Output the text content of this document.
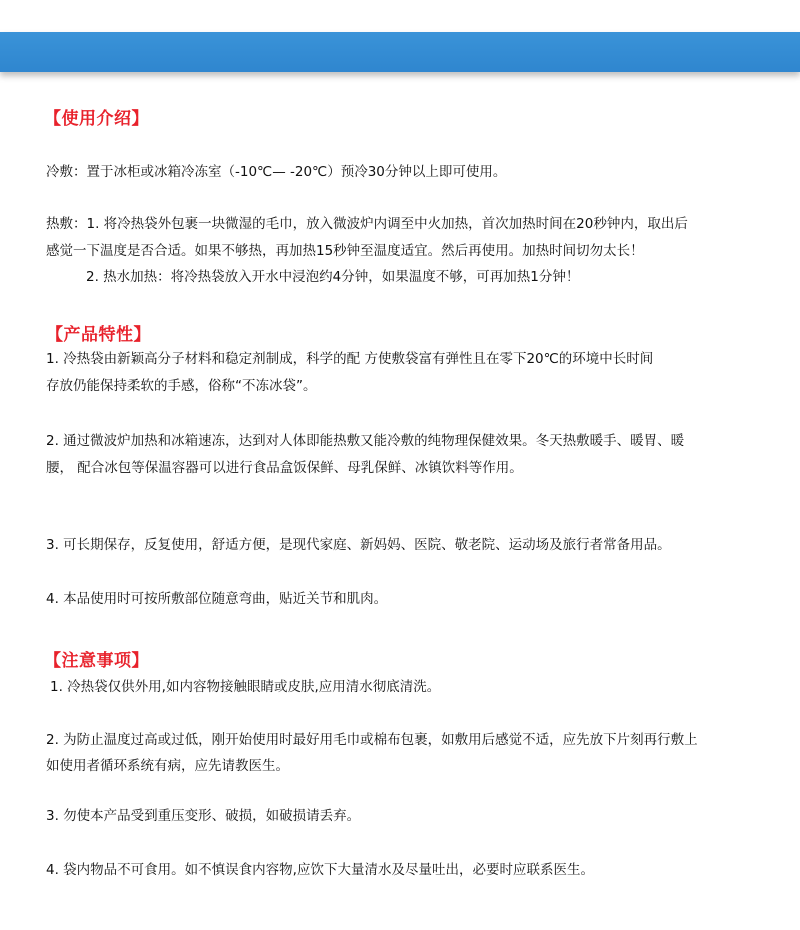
【使用介绍】
冷敷：置于冰柜或冰箱冷冻室（-10℃— -20℃）预冷30分钟以上即可使用。
热敷：1. 将冷热袋外包裹一块微湿的毛巾，放入微波炉内调至中火加热，首次加热时间在20秒钟内，取出后
感觉一下温度是否合适。如果不够热，再加热15秒钟至温度适宜。然后再使用。加热时间切勿太长！
2. 热水加热：将冷热袋放入开水中浸泡约4分钟，如果温度不够，可再加热1分钟！
【产品特性】
1. 冷热袋由新颖高分子材料和稳定剂制成，科学的配 方使敷袋富有弹性且在零下20℃的环境中长时间
存放仍能保持柔软的手感，俗称“不冻冰袋”。
2. 通过微波炉加热和冰箱速冻，达到对人体即能热敷又能冷敷的纯物理保健效果。冬天热敷暖手、暖胃、暖
腰， 配合冰包等保温容器可以进行食品盒饭保鲜、母乳保鲜、冰镇饮料等作用。
3. 可长期保存，反复使用，舒适方便，是现代家庭、新妈妈、医院、敬老院、运动场及旅行者常备用品。
4. 本品使用时可按所敷部位随意弯曲，贴近关节和肌肉。
【注意事项】
1. 冷热袋仅供外用,如内容物接触眼睛或皮肤,应用清水彻底清洗。
2. 为防止温度过高或过低，刚开始使用时最好用毛巾或棉布包裹，如敷用后感觉不适，应先放下片刻再行敷上
如使用者循环系统有病，应先请教医生。
3. 勿使本产品受到重压变形、破损，如破损请丢弃。
4. 袋内物品不可食用。如不慎误食内容物,应饮下大量清水及尽量吐出，必要时应联系医生。
